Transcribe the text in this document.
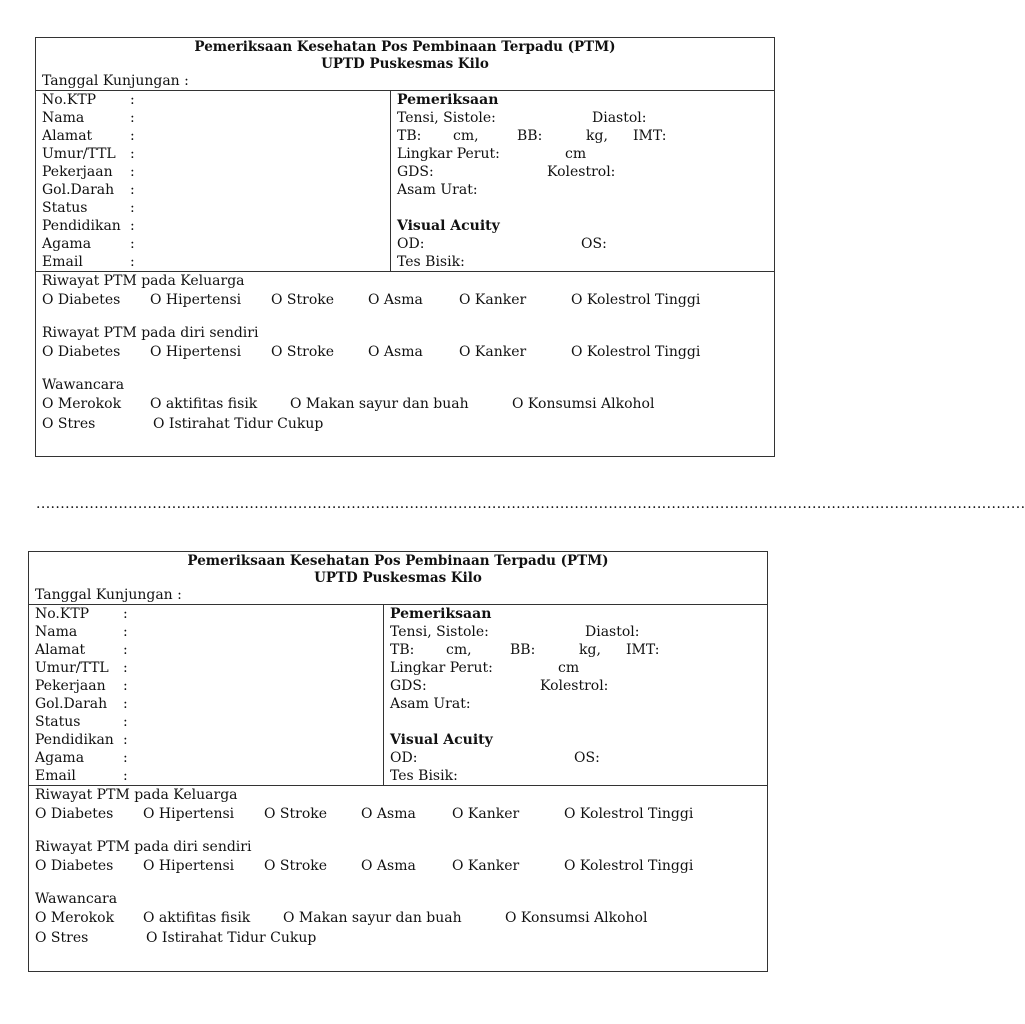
Pemeriksaan Kesehatan Pos Pembinaan Terpadu (PTM)
UPTD Puskesmas Kilo
Tanggal Kunjungan :
No.KTP :
Nama	:
Alamat	:
Umur/TTL :
Pekerjaan :
Gol.Darah :
Status	:
Pendidikan :
Agama	:
Email	:
Pemeriksaan
Tensi, Sistole:	Diastol:
TB: cm,	BB:	kg, IMT:
Lingkar Perut:	cm
GDS:	Kolestrol:
Asam Urat:
Visual Acuity
OD:	OS:
Tes Bisik:
Riwayat PTM pada Keluarga
O Diabetes O Hipertensi O Stroke O Asma	O Kanker	O Kolestrol Tinggi
Riwayat PTM pada diri sendiri
O Diabetes O Hipertensi O Stroke O Asma	O Kanker	O Kolestrol Tinggi
Wawancara
O Merokok O aktifitas fisik O Makan sayur dan buah	O Konsumsi Alkohol
O Stres	O Istirahat Tidur Cukup
............................................................................................................................................................................................................
Pemeriksaan Kesehatan Pos Pembinaan Terpadu (PTM)
UPTD Puskesmas Kilo
Tanggal Kunjungan :
No.KTP :
Nama	:
Alamat	:
Umur/TTL :
Pekerjaan :
Gol.Darah :
Status	:
Pendidikan :
Agama	:
Email	:
Pemeriksaan
Tensi, Sistole:	Diastol:
TB: cm,	BB:	kg, IMT:
Lingkar Perut:	cm
GDS:	Kolestrol:
Asam Urat:
Visual Acuity
OD:	OS:
Tes Bisik:
Riwayat PTM pada Keluarga
O Diabetes O Hipertensi O Stroke O Asma	O Kanker	O Kolestrol Tinggi
Riwayat PTM pada diri sendiri
O Diabetes O Hipertensi O Stroke O Asma	O Kanker	O Kolestrol Tinggi
Wawancara
O Merokok O aktifitas fisik O Makan sayur dan buah	O Konsumsi Alkohol
O Stres	O Istirahat Tidur Cukup
